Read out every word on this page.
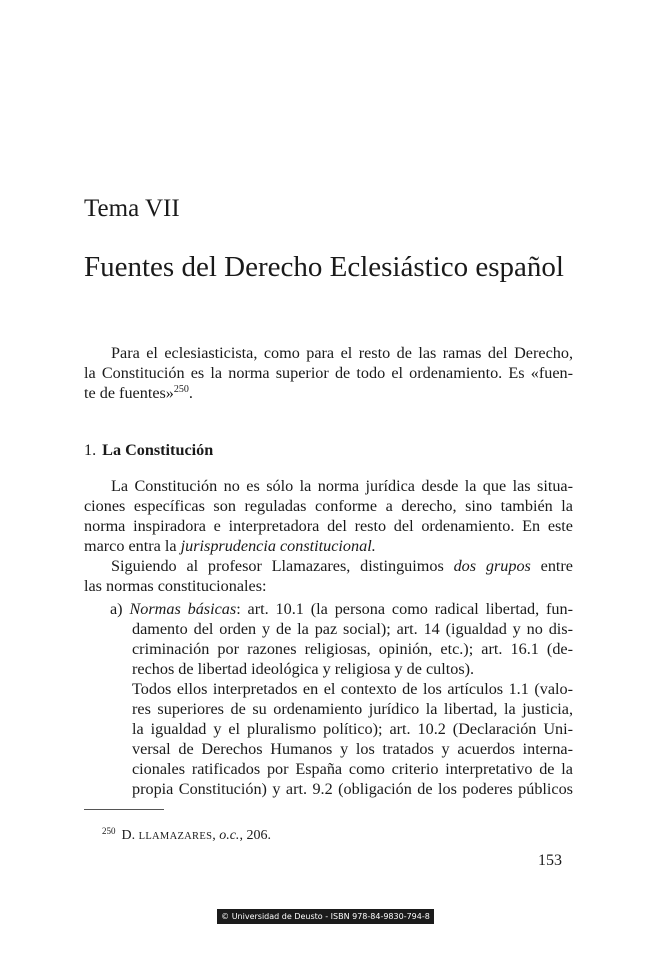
Tema VII
Fuentes del Derecho Eclesiástico español
Para el eclesiasticista, como para el resto de las ramas del Derecho,
la Constitución es la norma superior de todo el ordenamiento. Es «fuen-
te de fuentes»$^{250}$.
1. La Constitución
La Constitución no es sólo la norma jurídica desde la que las situa-
ciones específicas son reguladas conforme a derecho, sino también la
norma inspiradora e interpretadora del resto del ordenamiento. En este
marco entra la jurisprudencia constitucional.
Siguiendo al profesor Llamazares, distinguimos dos grupos entre
las normas constitucionales:
a) Normas básicas: art. 10.1 (la persona como radical libertad, fun-
damento del orden y de la paz social); art. 14 (igualdad y no dis-
criminación por razones religiosas, opinión, etc.); art. 16.1 (de-
rechos de libertad ideológica y religiosa y de cultos).
Todos ellos interpretados en el contexto de los artículos 1.1 (valo-
res superiores de su ordenamiento jurídico la libertad, la justicia,
la igualdad y el pluralismo político); art. 10.2 (Declaración Uni-
versal de Derechos Humanos y los tratados y acuerdos interna-
cionales ratificados por España como criterio interpretativo de la
propia Constitución) y art. 9.2 (obligación de los poderes públicos
$^{250}$ D. LLAMAZARES, o.c., 206.
153
© Universidad de Deusto - ISBN 978-84-9830-794-8
